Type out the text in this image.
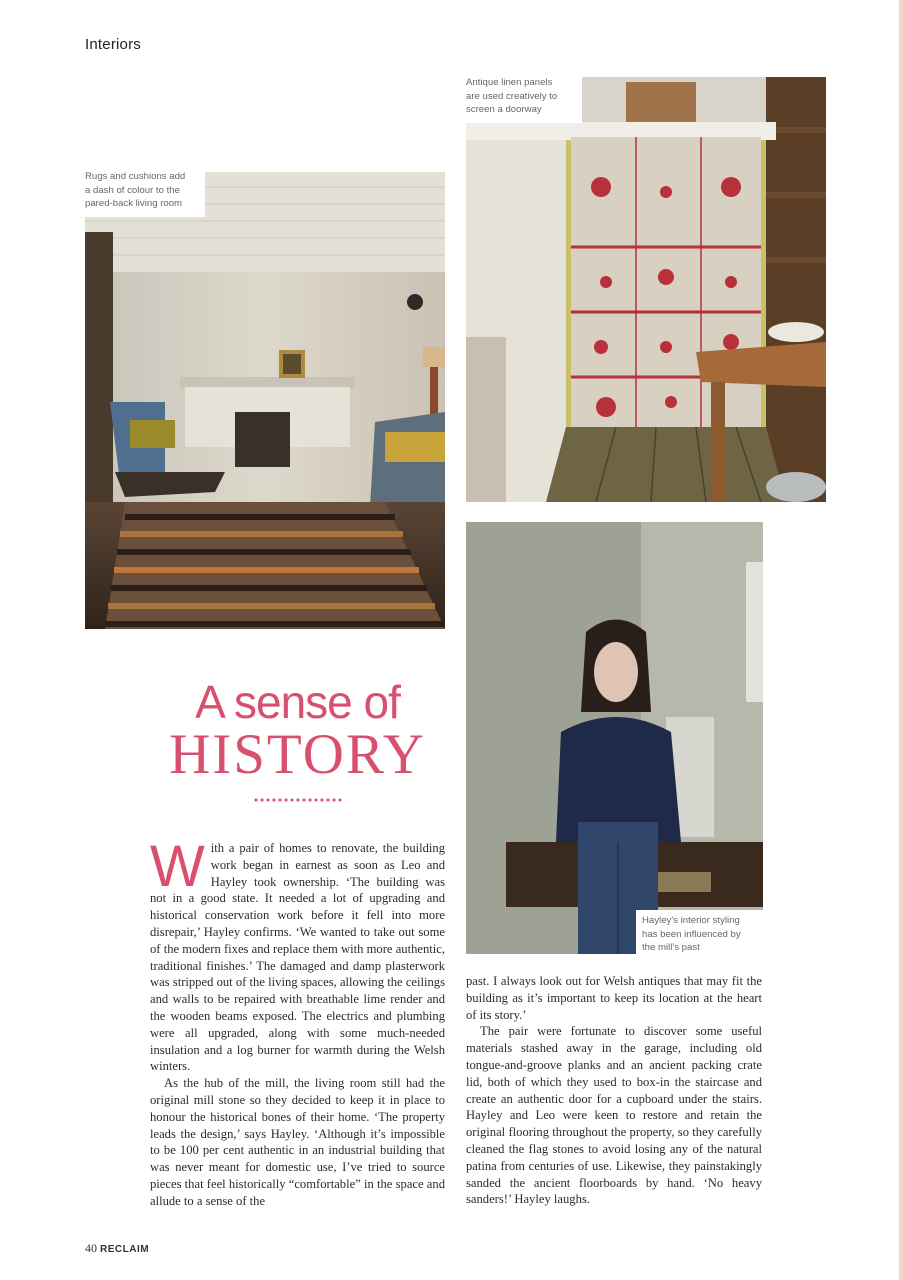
Interiors
Rugs and cushions add
a dash of colour to the
pared-back living room
Antique linen panels
are used creatively to
screen a doorway
Hayley's interior styling
has been influenced by
the mill's past
A sense of
HISTORY

With a pair of homes to renovate, the building work began in earnest as soon as Leo and Hayley took ownership. ‘The building was not in a good state. It needed a lot of upgrading and historical conservation work before it fell into more disrepair,’ Hayley confirms. ‘We wanted to take out some of the modern fixes and replace them with more authentic, traditional finishes.’ The damaged and damp plasterwork was stripped out of the living spaces, allowing the ceilings and walls to be repaired with breathable lime render and the wooden beams exposed. The electrics and plumbing were all upgraded, along with some much-needed insulation and a log burner for warmth during the Welsh winters.

As the hub of the mill, the living room still had the original mill stone so they decided to keep it in place to honour the historical bones of their home. ‘The property leads the design,’ says Hayley. ‘Although it’s impossible to be 100 per cent authentic in an industrial building that was never meant for domestic use, I’ve tried to source pieces that feel historically “comfortable” in the space and allude to a sense of the

past. I always look out for Welsh antiques that may fit the building as it’s important to keep its location at the heart of its story.’

The pair were fortunate to discover some useful materials stashed away in the garage, including old tongue-and-groove planks and an ancient packing crate lid, both of which they used to box-in the staircase and create an authentic door for a cupboard under the stairs. Hayley and Leo were keen to restore and retain the original flooring throughout the property, so they carefully cleaned the flag stones to avoid losing any of the natural patina from centuries of use. Likewise, they painstakingly sanded the ancient floorboards by hand. ‘No heavy sanders!’ Hayley laughs.

40 RECLAIM
